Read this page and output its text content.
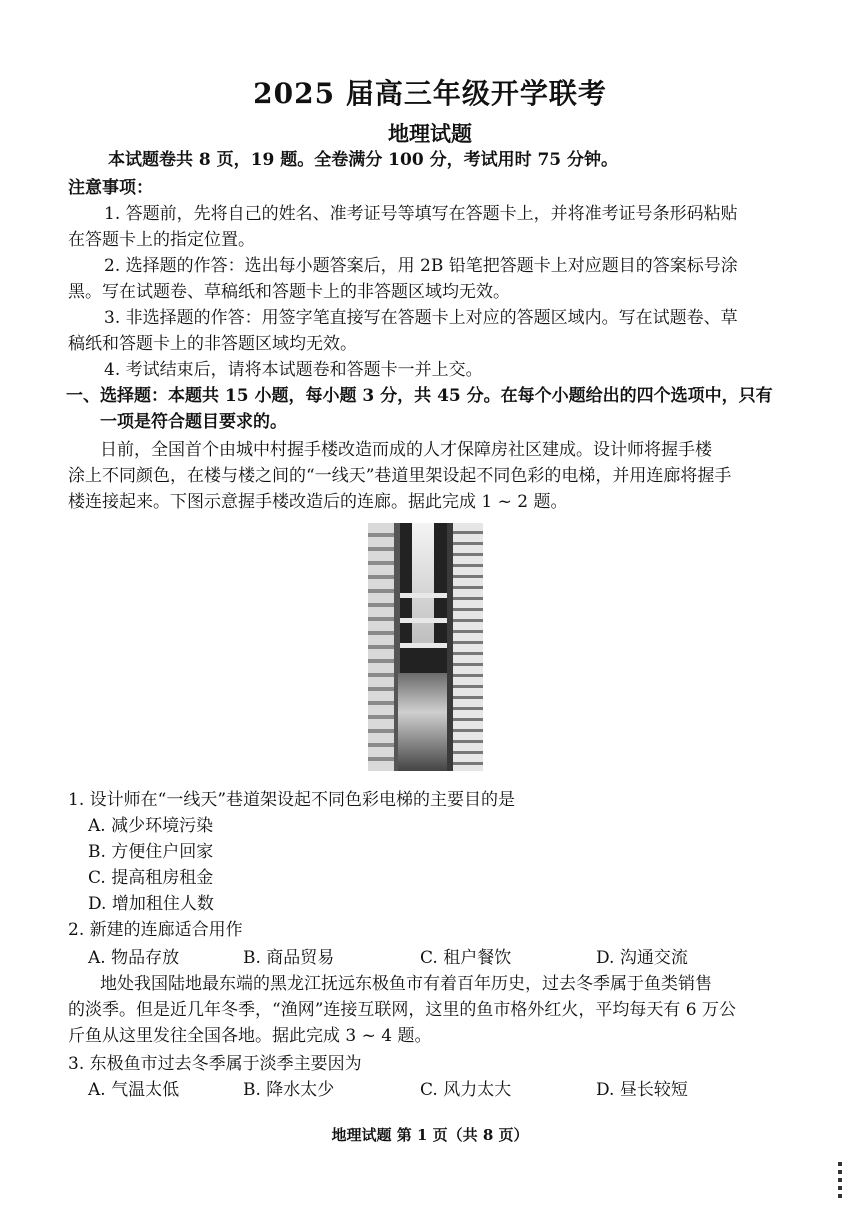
2025 届高三年级开学联考
地理试题
本试题卷共 8 页，19 题。全卷满分 100 分，考试用时 75 分钟。
注意事项：
1. 答题前，先将自己的姓名、准考证号等填写在答题卡上，并将准考证号条形码粘贴
在答题卡上的指定位置。
2. 选择题的作答：选出每小题答案后，用 2B 铅笔把答题卡上对应题目的答案标号涂
黑。写在试题卷、草稿纸和答题卡上的非答题区域均无效。
3. 非选择题的作答：用签字笔直接写在答题卡上对应的答题区域内。写在试题卷、草
稿纸和答题卡上的非答题区域均无效。
4. 考试结束后，请将本试题卷和答题卡一并上交。
一、选择题：本题共 15 小题，每小题 3 分，共 45 分。在每个小题给出的四个选项中，只有
一项是符合题目要求的。
日前，全国首个由城中村握手楼改造而成的人才保障房社区建成。设计师将握手楼
涂上不同颜色，在楼与楼之间的“一线天”巷道里架设起不同色彩的电梯，并用连廊将握手
楼连接起来。下图示意握手楼改造后的连廊。据此完成 1 ~ 2 题。
1. 设计师在“一线天”巷道架设起不同色彩电梯的主要目的是
A. 减少环境污染
B. 方便住户回家
C. 提高租房租金
D. 增加租住人数
2. 新建的连廊适合用作
A. 物品存放	B. 商品贸易	C. 租户餐饮	D. 沟通交流
地处我国陆地最东端的黑龙江抚远东极鱼市有着百年历史，过去冬季属于鱼类销售
的淡季。但是近几年冬季，“渔网”连接互联网，这里的鱼市格外红火，平均每天有 6 万公
斤鱼从这里发往全国各地。据此完成 3 ~ 4 题。
3. 东极鱼市过去冬季属于淡季主要因为
A. 气温太低	B. 降水太少	C. 风力太大	D. 昼长较短
地理试题 第 1 页（共 8 页）
